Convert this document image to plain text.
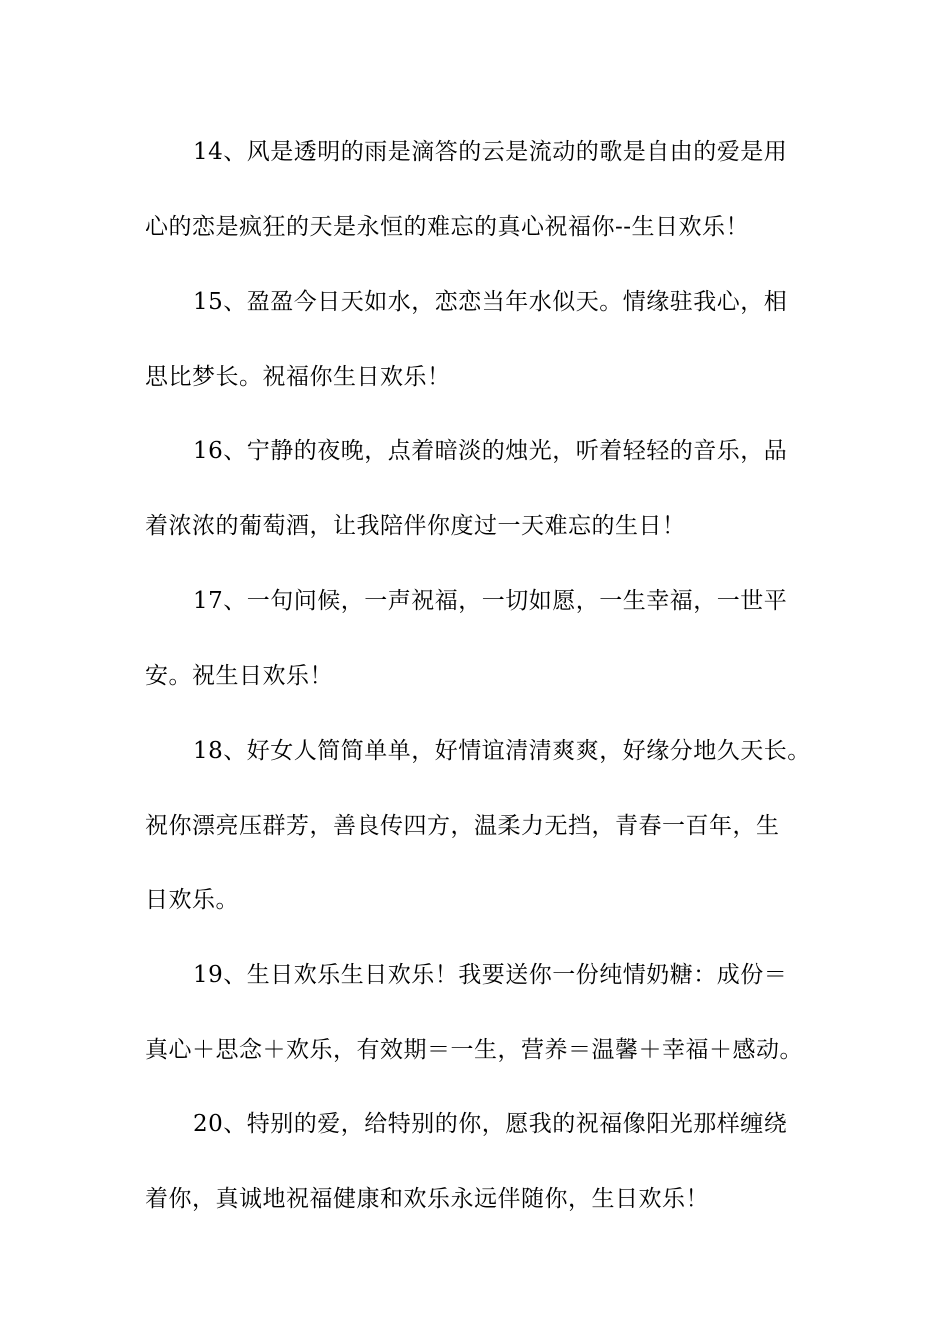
14、风是透明的雨是滴答的云是流动的歌是自由的爱是用
心的恋是疯狂的天是永恒的难忘的真心祝福你--生日欢乐！
15、盈盈今日天如水，恋恋当年水似天。情缘驻我心，相
思比梦长。祝福你生日欢乐！
16、宁静的夜晚，点着暗淡的烛光，听着轻轻的音乐，品
着浓浓的葡萄酒，让我陪伴你度过一天难忘的生日！
17、一句问候，一声祝福，一切如愿，一生幸福，一世平
安。祝生日欢乐！
18、好女人简简单单，好情谊清清爽爽，好缘分地久天长。
祝你漂亮压群芳，善良传四方，温柔力无挡，青春一百年，生
日欢乐。
19、生日欢乐生日欢乐！我要送你一份纯情奶糖：成份＝
真心＋思念＋欢乐，有效期＝一生，营养＝温馨＋幸福＋感动。
20、特别的爱，给特别的你，愿我的祝福像阳光那样缠绕
着你，真诚地祝福健康和欢乐永远伴随你，生日欢乐！
